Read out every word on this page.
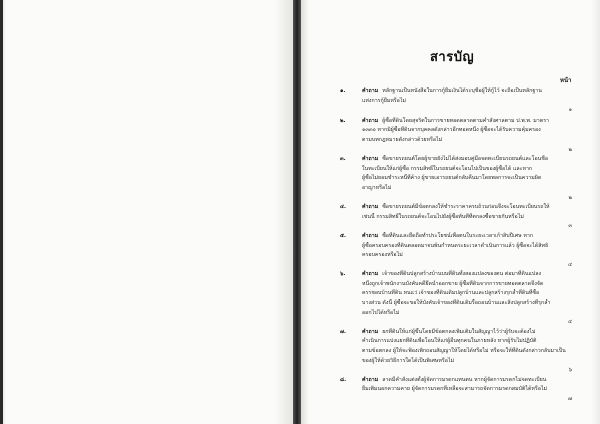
สารบัญ
หน้า
๑.	คำถาม หลักฐานเป็นหนังสือในการกู้ยืมเงินได้ระบุชื่อผู้ให้กู้ไว้ จะถือเป็นหลักฐาน
แห่งการกู้ยืมหรือไม่
๑
๒.	คำถาม ผู้ซื้อที่ดินโดยสุจริตในการขายทอดตลาดตามคำสั่งศาลตาม ป.พ.พ. มาตรา
๑๓๓๐ หากมิผู้ซื้อที่ดินจากบุคคลดังกล่าวอีกทอดหนึ่ง ผู้ซื้อจะได้รับความคุ้มครอง
ตามบทกฎหมายดังกล่าวด้วยหรือไม่
๒
๓.	คำถาม ซื้อขายรถยนต์โดยผู้ขายยังไม่ได้ส่งมอบคู่มือจดทะเบียนรถยนต์และโอนชื่อ
ในทะเบียนให้แก่ผู้ซื้อ กรรมสิทธิ์ในรถยนต์จะโอนไปเป็นของผู้ซื้อได้ และหาก
ผู้ซื้อไม่ยอมชำระหนี้ที่ค้าง ผู้ขายเอารถยนต์กลับคืนมาโดยพลการจะเป็นความผิด
อาญาหรือไม่
๒
๔.	คำถาม ซื้อขายรถยนต์มีข้อตกลงให้ชำระราคาครบถ้วนก่อนจึงจะโอนทะเบียนรถให้
เช่นนี้ กรรมสิทธิ์ในรถยนต์จะโอนไปยังผู้ซื้อทันทีที่ตกลงซื้อขายกันหรือไม่
๓
๕.	คำถาม ซื้อที่ดินและยึดถือทำประโยชน์เพื่อตนในระยะเวลาเก้าสิบปีเศษ หาก
ผู้ซื้อครอบครองที่ดินตลอดมาจนพ้นกำหนดระยะเวลาดำเนินการแล้ว ผู้ซื้อจะได้สิทธิ
ครอบครองหรือไม่
๔
๖.	คำถาม เจ้าของที่ดินปลูกสร้างบ้านบนที่ดินทั้งสองแปลงของตน ต่อมาที่ดินแปลง
หนึ่งถูกเจ้าพนักงานบังคับคดียึดนำออกขาย ผู้ซื้อที่ดินจากการขายทอดตลาดจึงจัด
ครรชอบบ้านที่ดิน หนแว่ เจ้าของที่ดินเดิมปลูกบ้านและปลูกสร้างรุกล้ำที่ดินที่ซื้อ
บางส่วน ดังนี้ ผู้ซื้อจะขอให้บังคับเจ้าของที่ดินเดิมรื้อถอนบ้านและสิ่งปลูกสร้างที่รุกล้ำ
ออกไปได้หรือไม่
๔
๗.	คำถาม ยกที่ดินให้แก่ผู้ขึ้นโดยมีข้อตกลงเพิ่มเติมในสัญญาไว้ว่าผู้รับจะต้องไม่
คำเนินการแบ่งแยกที่ดินเพื่อโอนให้แก่ผู้อื่นทุกคนในภายหลัง หากผู้รับไม่ปฏิบัติ
ตามข้อตกลง ผู้ให้จะฟ้องเพิกถอนสัญญาให้โดยได้หรือไม่ หรือจะให้ที่ดินดังกล่าวกลับมาเป็น
ของผู้ให้ด้วยวิธีการใดได้เป็นพิเศษหรือไม่
๖
๘.	คำถาม ลาดมีคำสั่งแต่งตั้งผู้จัดการมรดกแทนตน หากผู้จัดการมรดกไม่จดทะเบียน
ยืมเพิ่มนอกความคาย ผู้จัดการมรดกที่เหลือจะสามารถจัดการมรดกสมบัติได้หรือไม่
๗
